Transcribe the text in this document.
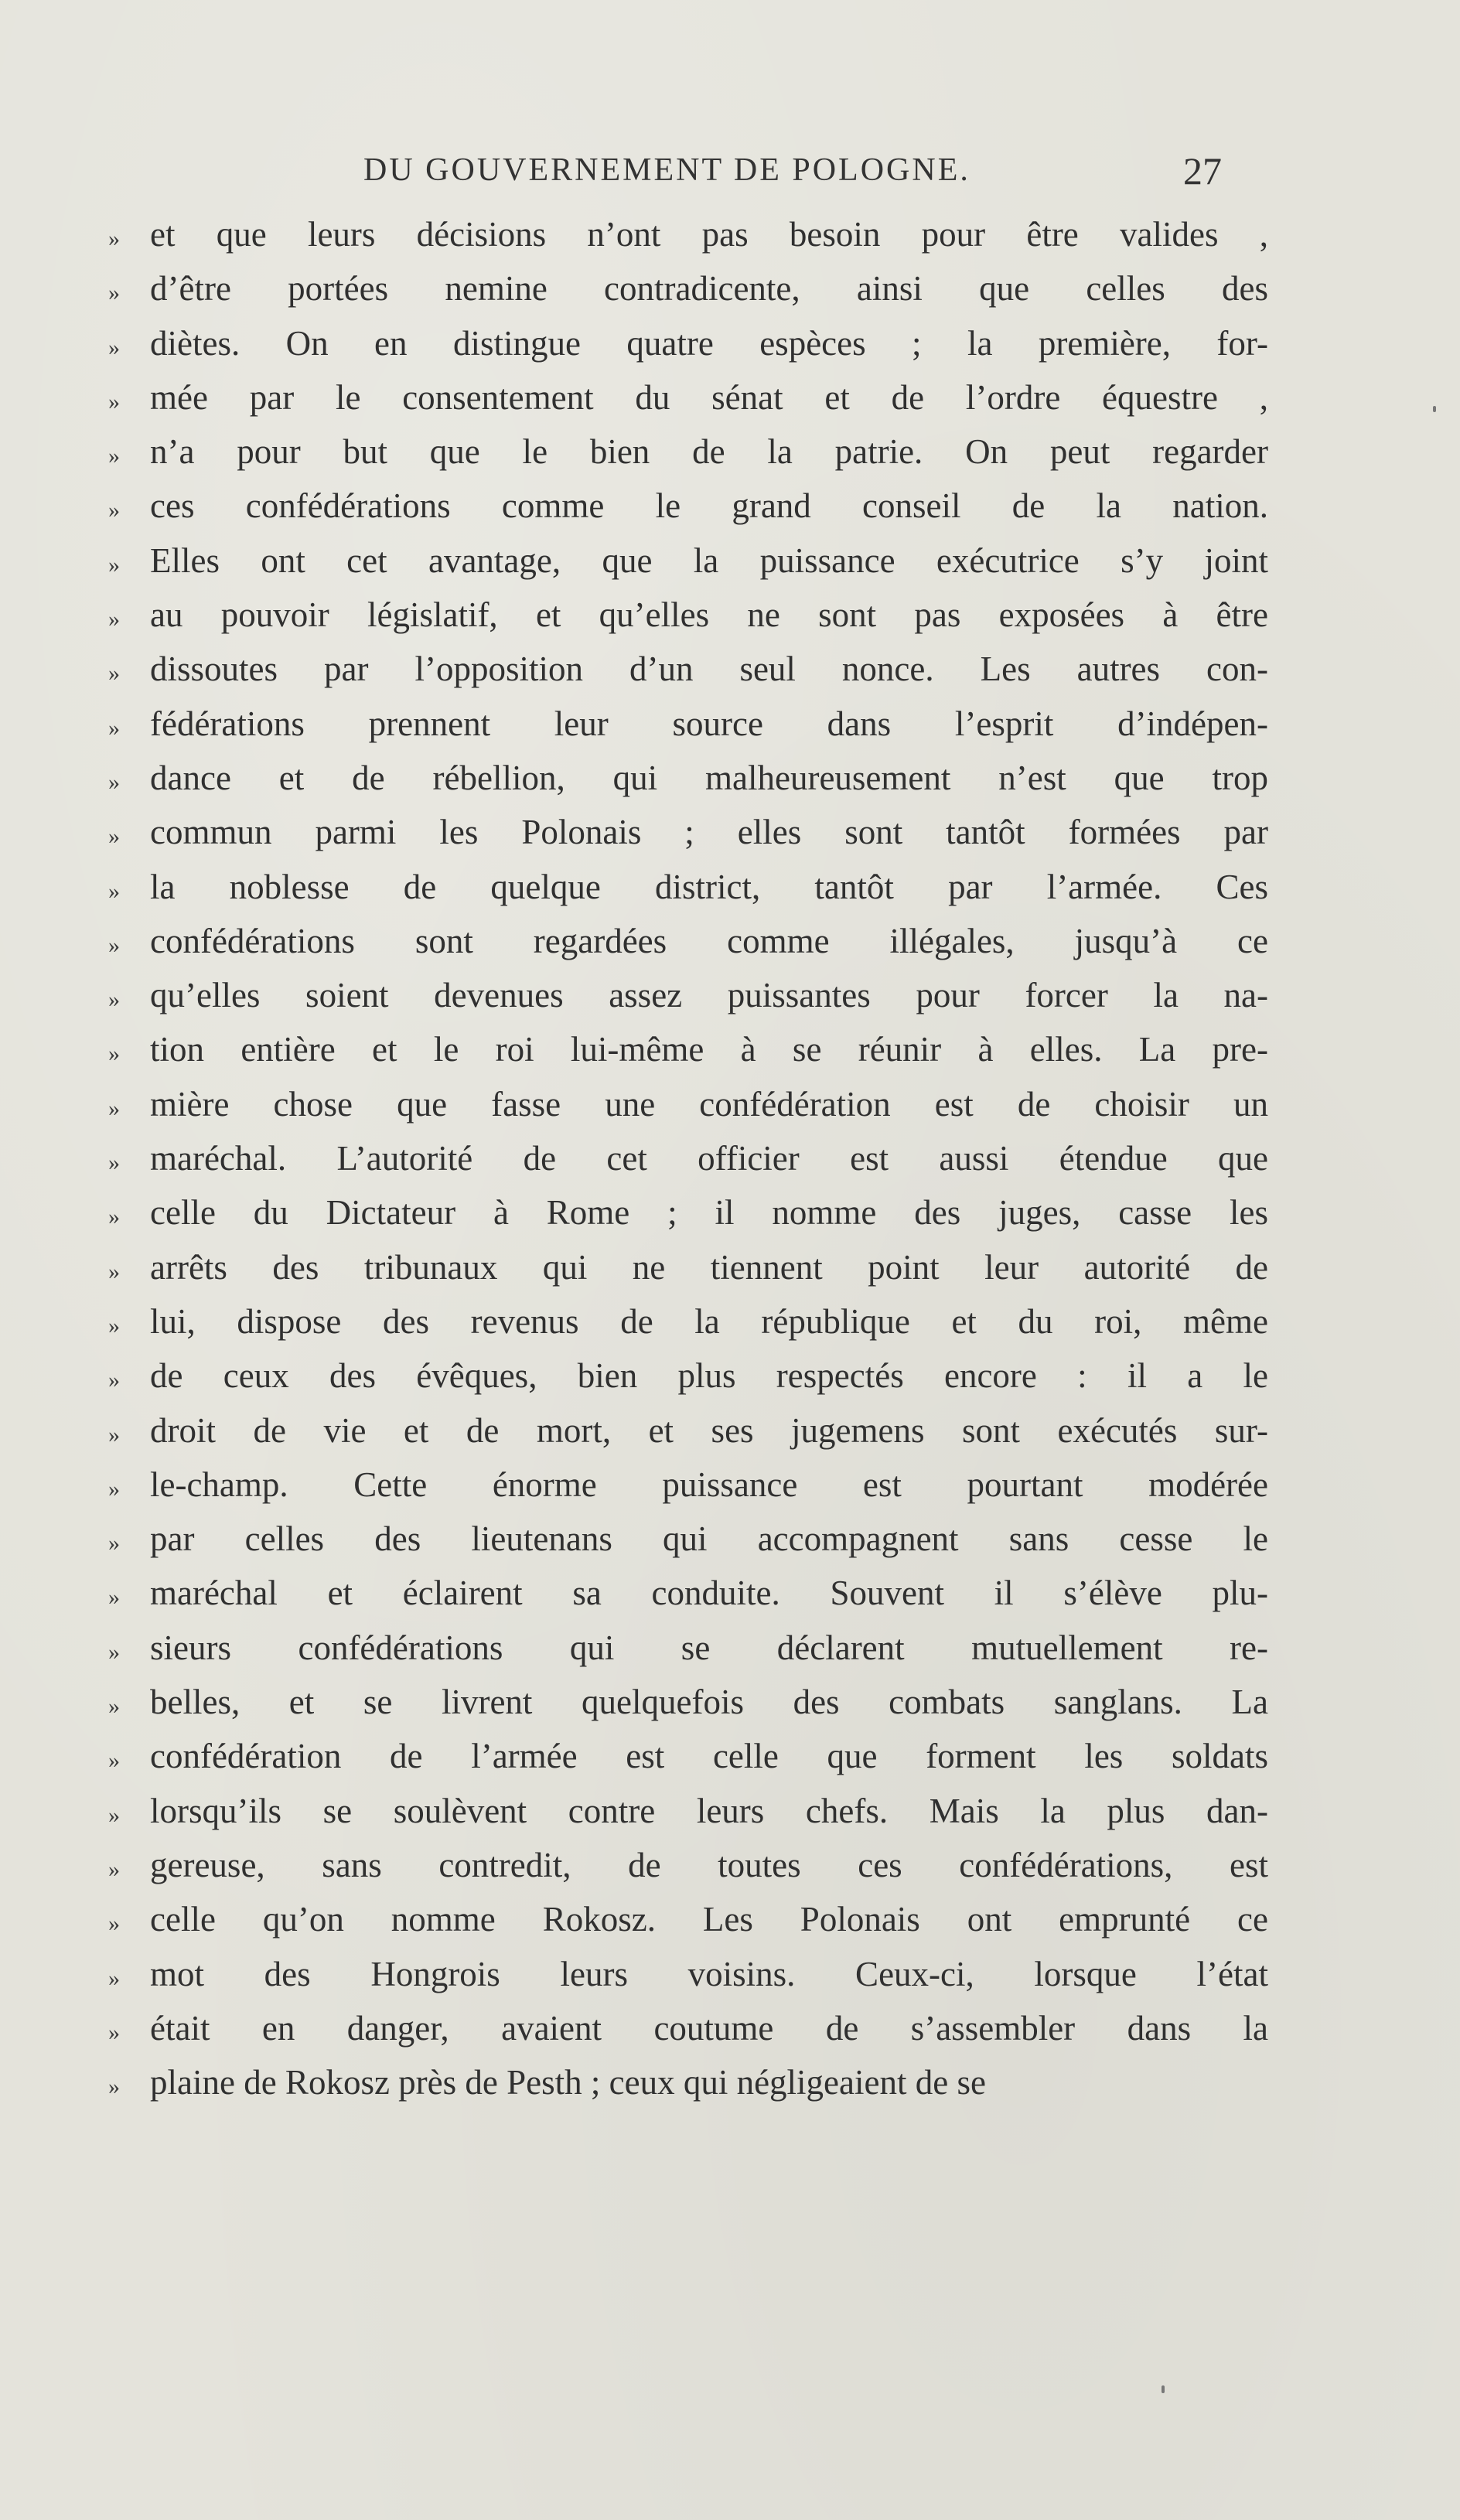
DU GOUVERNEMENT DE POLOGNE.	27
» et que leurs décisions n’ont pas besoin pour être valides ,
» d’être portées nemine contradicente, ainsi que celles des
» diètes. On en distingue quatre espèces ; la première, for-
» mée par le consentement du sénat et de l’ordre équestre ,
» n’a pour but que le bien de la patrie. On peut regarder
» ces confédérations comme le grand conseil de la nation.
» Elles ont cet avantage, que la puissance exécutrice s’y joint
» au pouvoir législatif, et qu’elles ne sont pas exposées à être
» dissoutes par l’opposition d’un seul nonce. Les autres con-
» fédérations prennent leur source dans l’esprit d’indépen-
» dance et de rébellion, qui malheureusement n’est que trop
» commun parmi les Polonais ; elles sont tantôt formées par
» la noblesse de quelque district, tantôt par l’armée. Ces
» confédérations sont regardées comme illégales, jusqu’à ce
» qu’elles soient devenues assez puissantes pour forcer la na-
» tion entière et le roi lui-même à se réunir à elles. La pre-
» mière chose que fasse une confédération est de choisir un
» maréchal. L’autorité de cet officier est aussi étendue que
» celle du Dictateur à Rome ; il nomme des juges, casse les
» arrêts des tribunaux qui ne tiennent point leur autorité de
» lui, dispose des revenus de la république et du roi, même
» de ceux des évêques, bien plus respectés encore : il a le
» droit de vie et de mort, et ses jugemens sont exécutés sur-
» le-champ. Cette énorme puissance est pourtant modérée
» par celles des lieutenans qui accompagnent sans cesse le
» maréchal et éclairent sa conduite. Souvent il s’élève plu-
» sieurs confédérations qui se déclarent mutuellement re-
» belles, et se livrent quelquefois des combats sanglans. La
» confédération de l’armée est celle que forment les soldats
» lorsqu’ils se soulèvent contre leurs chefs. Mais la plus dan-
» gereuse, sans contredit, de toutes ces confédérations, est
» celle qu’on nomme Rokosz. Les Polonais ont emprunté ce
» mot des Hongrois leurs voisins. Ceux-ci, lorsque l’état
» était en danger, avaient coutume de s’assembler dans la
» plaine de Rokosz près de Pesth ; ceux qui négligeaient de se
